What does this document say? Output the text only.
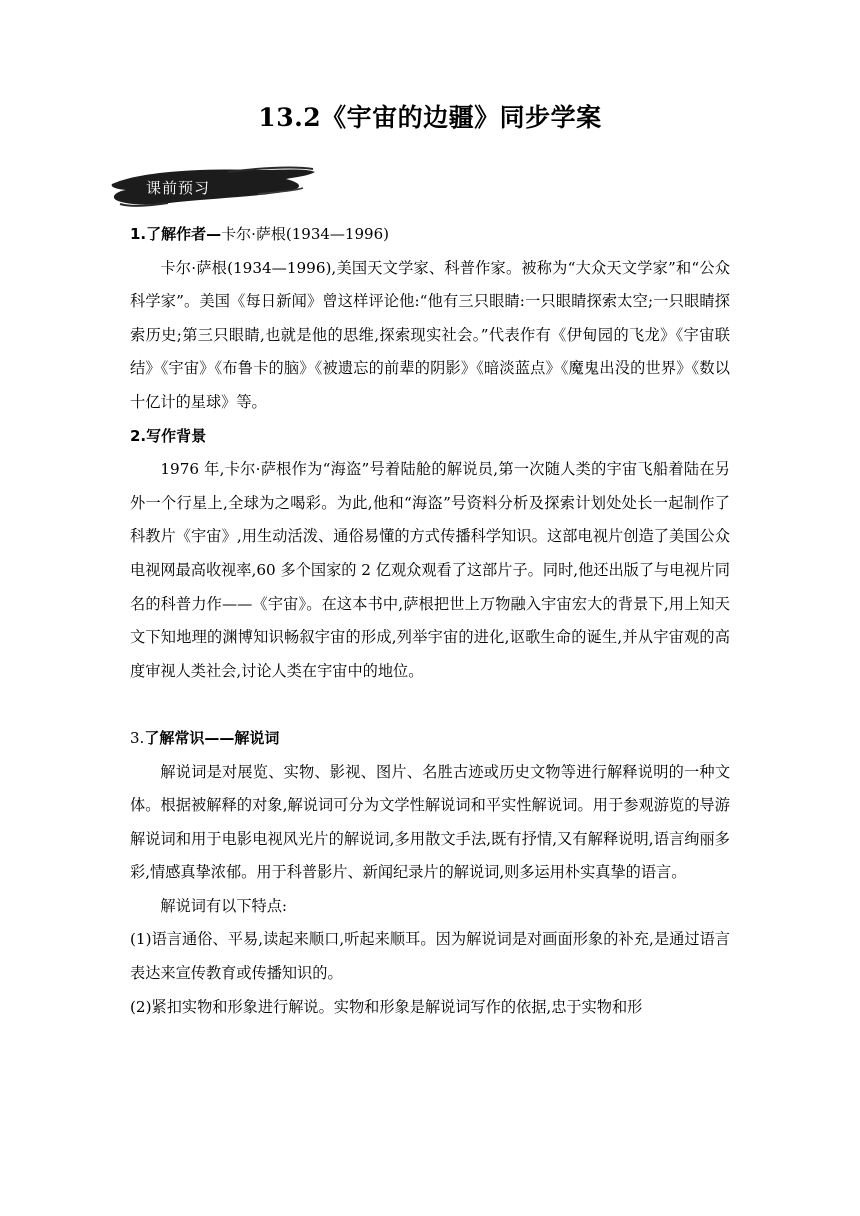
13.2《宇宙的边疆》同步学案
课前预习

1.了解作者—卡尔·萨根(1934—1996)

卡尔·萨根(1934—1996),美国天文学家、科普作家。被称为“大众天文学家”和“公众科学家”。美国《每日新闻》曾这样评论他:“他有三只眼睛:一只眼睛探索太空;一只眼睛探索历史;第三只眼睛,也就是他的思维,探索现实社会。”代表作有《伊甸园的飞龙》《宇宙联结》《宇宙》《布鲁卡的脑》《被遗忘的前辈的阴影》《暗淡蓝点》《魔鬼出没的世界》《数以十亿计的星球》等。

2.写作背景

1976 年,卡尔·萨根作为“海盗”号着陆舱的解说员,第一次随人类的宇宙飞船着陆在另外一个行星上,全球为之喝彩。为此,他和“海盗”号资料分析及探索计划处处长一起制作了科教片《宇宙》,用生动活泼、通俗易懂的方式传播科学知识。这部电视片创造了美国公众电视网最高收视率,60 多个国家的 2 亿观众观看了这部片子。同时,他还出版了与电视片同名的科普力作——《宇宙》。在这本书中,萨根把世上万物融入宇宙宏大的背景下,用上知天文下知地理的渊博知识畅叙宇宙的形成,列举宇宙的进化,讴歌生命的诞生,并从宇宙观的高度审视人类社会,讨论人类在宇宙中的地位。

3.了解常识——解说词

解说词是对展览、实物、影视、图片、名胜古迹或历史文物等进行解释说明的一种文体。根据被解释的对象,解说词可分为文学性解说词和平实性解说词。用于参观游览的导游解说词和用于电影电视风光片的解说词,多用散文手法,既有抒情,又有解释说明,语言绚丽多彩,情感真挚浓郁。用于科普影片、新闻纪录片的解说词,则多运用朴实真挚的语言。

解说词有以下特点:

(1)语言通俗、平易,读起来顺口,听起来顺耳。因为解说词是对画面形象的补充,是通过语言表达来宣传教育或传播知识的。

(2)紧扣实物和形象进行解说。实物和形象是解说词写作的依据,忠于实物和形
